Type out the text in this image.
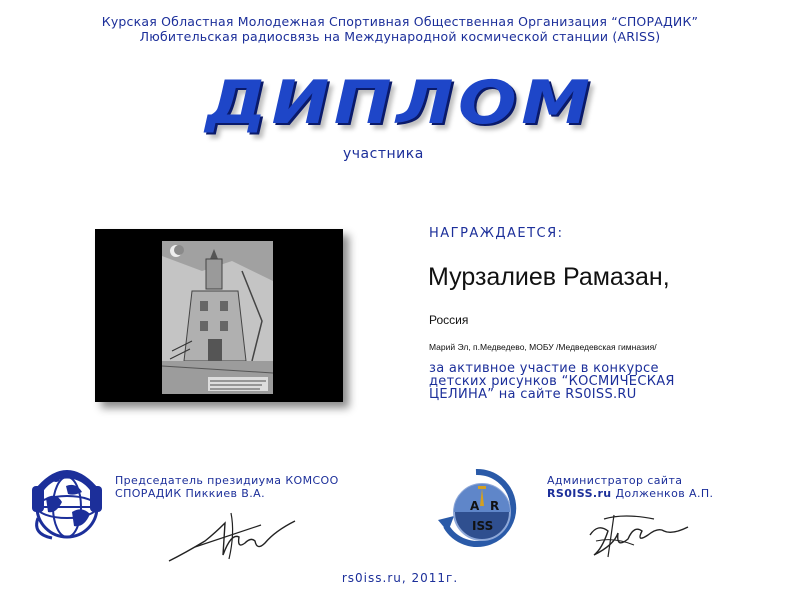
Курская Областная Молодежная Спортивная Общественная Организация “СПОРАДИК”
Любительская радиосвязь на Международной космической станции (ARISS)
ДИПЛОМ
участника
НАГРАЖДАЕТСЯ:
Мурзалиев Рамазан,
Россия
Марий Эл, п.Медведево, МОБУ /Медведевская гимназия/
за активное участие в конкурсе
детских рисунков “КОСМИЧЕСКАЯ
ЦЕЛИНА” на сайте RS0ISS.RU
Председатель президиума КОМСОО
СПОРАДИК Пиккиев В.А.
A R
ISS
Администратор сайта
RS0ISS.ru Долженков А.П.
rs0iss.ru, 2011г.
